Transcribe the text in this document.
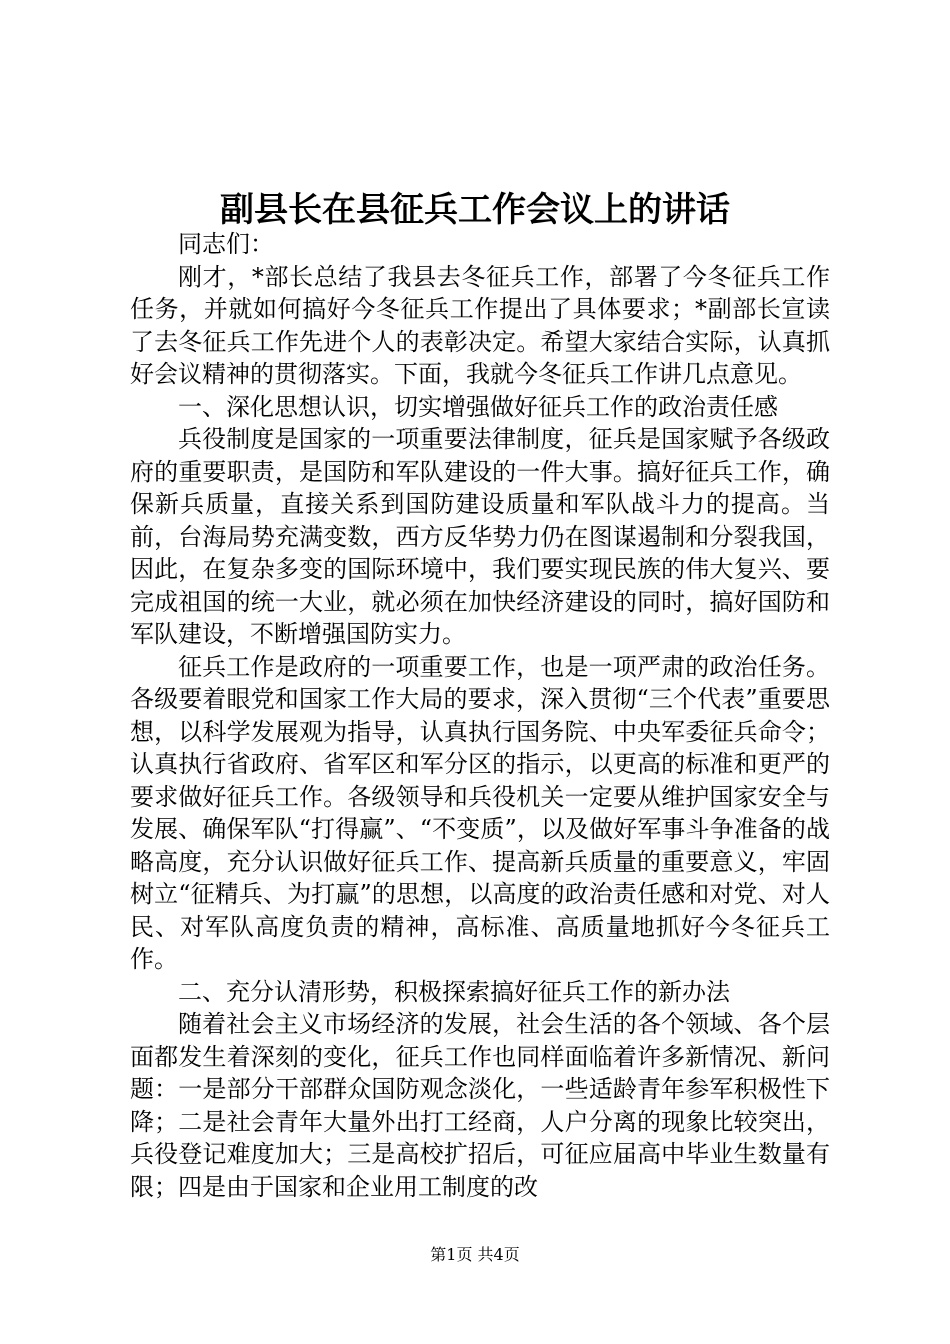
副县长在县征兵工作会议上的讲话

同志们：

刚才，*部长总结了我县去冬征兵工作，部署了今冬征兵工作任务，并就如何搞好今冬征兵工作提出了具体要求；*副部长宣读了去冬征兵工作先进个人的表彰决定。希望大家结合实际，认真抓好会议精神的贯彻落实。下面，我就今冬征兵工作讲几点意见。

一、深化思想认识，切实增强做好征兵工作的政治责任感

兵役制度是国家的一项重要法律制度，征兵是国家赋予各级政府的重要职责，是国防和军队建设的一件大事。搞好征兵工作，确保新兵质量，直接关系到国防建设质量和军队战斗力的提高。当前，台海局势充满变数，西方反华势力仍在图谋遏制和分裂我国，因此，在复杂多变的国际环境中，我们要实现民族的伟大复兴、要完成祖国的统一大业，就必须在加快经济建设的同时，搞好国防和军队建设，不断增强国防实力。

征兵工作是政府的一项重要工作，也是一项严肃的政治任务。各级要着眼党和国家工作大局的要求，深入贯彻“三个代表”重要思想，以科学发展观为指导，认真执行国务院、中央军委征兵命令；认真执行省政府、省军区和军分区的指示，以更高的标准和更严的要求做好征兵工作。各级领导和兵役机关一定要从维护国家安全与发展、确保军队“打得赢”、“不变质”，以及做好军事斗争准备的战略高度，充分认识做好征兵工作、提高新兵质量的重要意义，牢固树立“征精兵、为打赢”的思想，以高度的政治责任感和对党、对人民、对军队高度负责的精神，高标准、高质量地抓好今冬征兵工作。

二、充分认清形势，积极探索搞好征兵工作的新办法

随着社会主义市场经济的发展，社会生活的各个领域、各个层面都发生着深刻的变化，征兵工作也同样面临着许多新情况、新问题：一是部分干部群众国防观念淡化，一些适龄青年参军积极性下降；二是社会青年大量外出打工经商，人户分离的现象比较突出，兵役登记难度加大；三是高校扩招后，可征应届高中毕业生数量有限；四是由于国家和企业用工制度的改

第1页 共4页
